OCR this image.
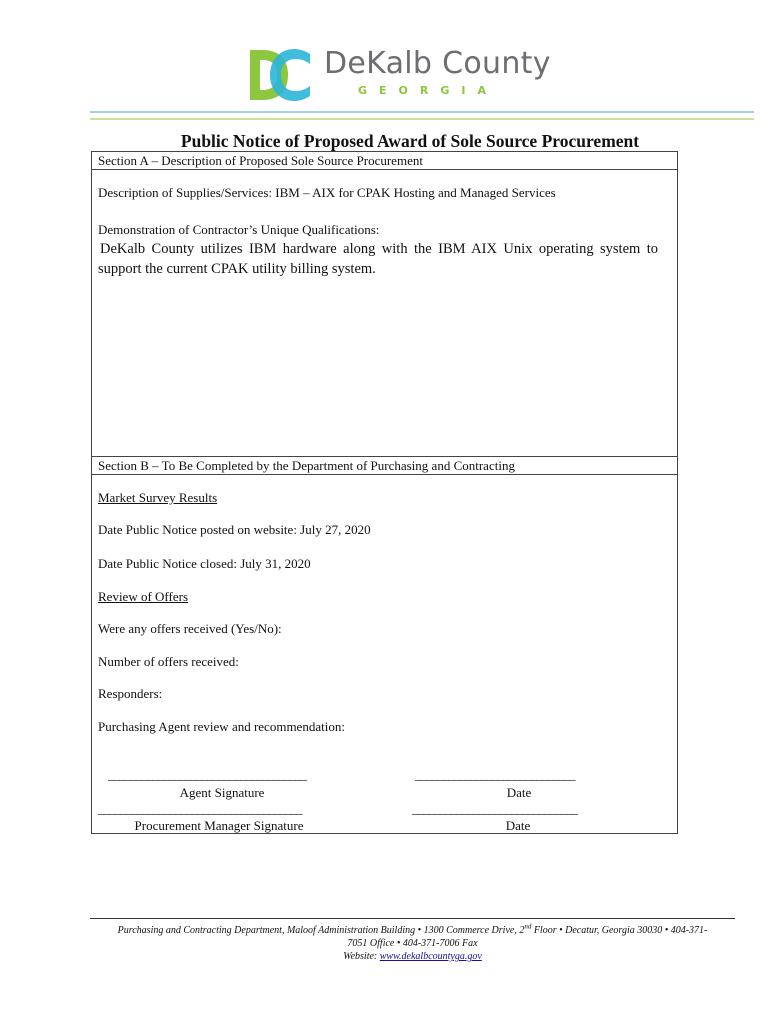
DeKalb County
GEORGIA
Public Notice of Proposed Award of Sole Source Procurement
Section A – Description of Proposed Sole Source Procurement
Description of Supplies/Services: IBM – AIX for CPAK Hosting and Managed Services
Demonstration of Contractor’s Unique Qualifications:
DeKalb County utilizes IBM hardware along with the IBM AIX Unix operating system to support the current CPAK utility billing system.
Section B – To Be Completed by the Department of Purchasing and Contracting
Market Survey Results
Date Public Notice posted on website: July 27, 2020
Date Public Notice closed: July 31, 2020
Review of Offers
Were any offers received (Yes/No):
Number of offers received:
Responders:
Purchasing Agent review and recommendation:
____________________________________	_____________________________
Agent Signature	Date
_____________________________________	______________________________
Procurement Manager Signature	Date
Purchasing and Contracting Department, Maloof Administration Building • 1300 Commerce Drive, 2nd Floor • Decatur, Georgia 30030 • 404-371-
7051 Office • 404-371-7006 Fax
Website: www.dekalbcountyga.gov
